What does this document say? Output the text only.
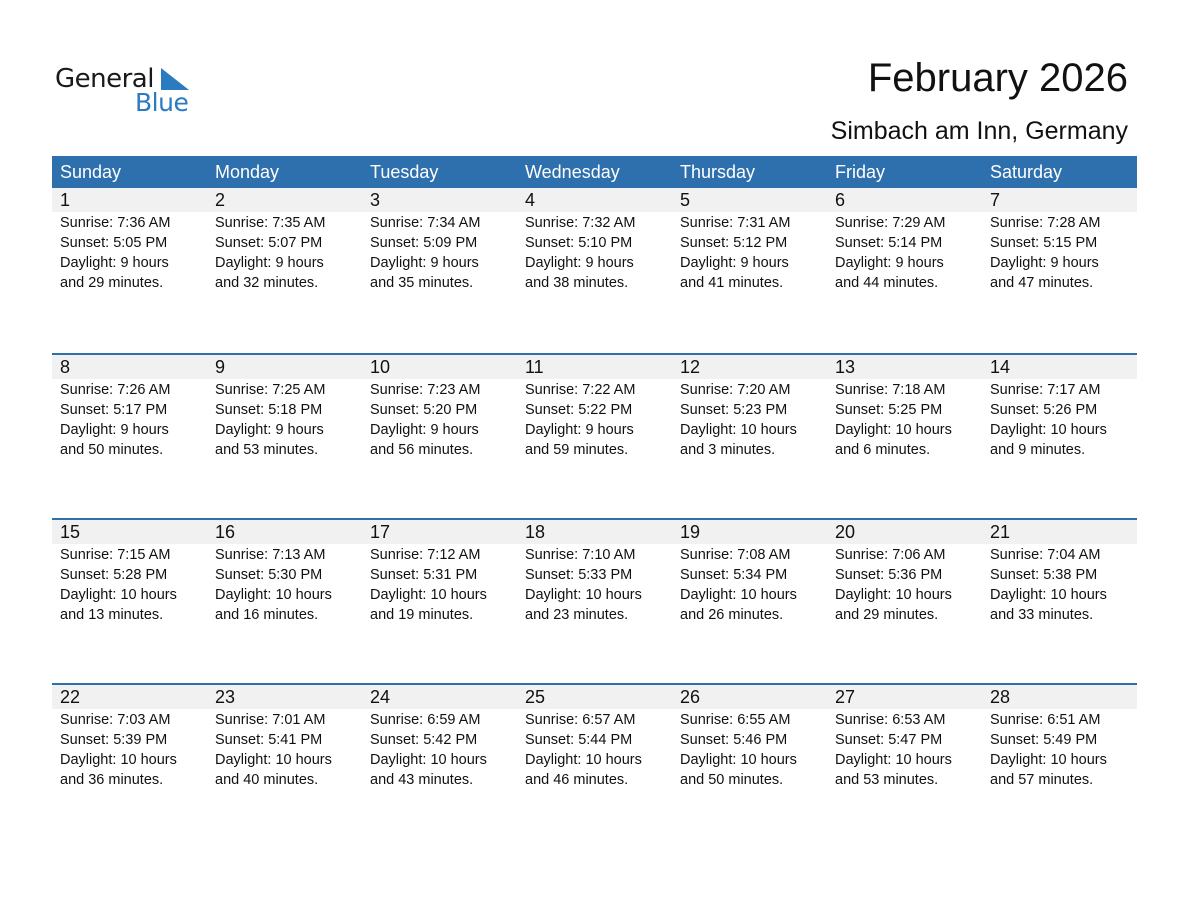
General
Blue
February 2026
Simbach am Inn, Germany
Sunday	Monday	Tuesday	Wednesday	Thursday	Friday	Saturday
1	2	3	4	5	6	7
Sunrise: 7:36 AM
Sunset: 5:05 PM
Daylight: 9 hours
and 29 minutes.
Sunrise: 7:35 AM
Sunset: 5:07 PM
Daylight: 9 hours
and 32 minutes.
Sunrise: 7:34 AM
Sunset: 5:09 PM
Daylight: 9 hours
and 35 minutes.
Sunrise: 7:32 AM
Sunset: 5:10 PM
Daylight: 9 hours
and 38 minutes.
Sunrise: 7:31 AM
Sunset: 5:12 PM
Daylight: 9 hours
and 41 minutes.
Sunrise: 7:29 AM
Sunset: 5:14 PM
Daylight: 9 hours
and 44 minutes.
Sunrise: 7:28 AM
Sunset: 5:15 PM
Daylight: 9 hours
and 47 minutes.
8	9	10	11	12	13	14
Sunrise: 7:26 AM
Sunset: 5:17 PM
Daylight: 9 hours
and 50 minutes.
Sunrise: 7:25 AM
Sunset: 5:18 PM
Daylight: 9 hours
and 53 minutes.
Sunrise: 7:23 AM
Sunset: 5:20 PM
Daylight: 9 hours
and 56 minutes.
Sunrise: 7:22 AM
Sunset: 5:22 PM
Daylight: 9 hours
and 59 minutes.
Sunrise: 7:20 AM
Sunset: 5:23 PM
Daylight: 10 hours
and 3 minutes.
Sunrise: 7:18 AM
Sunset: 5:25 PM
Daylight: 10 hours
and 6 minutes.
Sunrise: 7:17 AM
Sunset: 5:26 PM
Daylight: 10 hours
and 9 minutes.
15	16	17	18	19	20	21
Sunrise: 7:15 AM
Sunset: 5:28 PM
Daylight: 10 hours
and 13 minutes.
Sunrise: 7:13 AM
Sunset: 5:30 PM
Daylight: 10 hours
and 16 minutes.
Sunrise: 7:12 AM
Sunset: 5:31 PM
Daylight: 10 hours
and 19 minutes.
Sunrise: 7:10 AM
Sunset: 5:33 PM
Daylight: 10 hours
and 23 minutes.
Sunrise: 7:08 AM
Sunset: 5:34 PM
Daylight: 10 hours
and 26 minutes.
Sunrise: 7:06 AM
Sunset: 5:36 PM
Daylight: 10 hours
and 29 minutes.
Sunrise: 7:04 AM
Sunset: 5:38 PM
Daylight: 10 hours
and 33 minutes.
22	23	24	25	26	27	28
Sunrise: 7:03 AM
Sunset: 5:39 PM
Daylight: 10 hours
and 36 minutes.
Sunrise: 7:01 AM
Sunset: 5:41 PM
Daylight: 10 hours
and 40 minutes.
Sunrise: 6:59 AM
Sunset: 5:42 PM
Daylight: 10 hours
and 43 minutes.
Sunrise: 6:57 AM
Sunset: 5:44 PM
Daylight: 10 hours
and 46 minutes.
Sunrise: 6:55 AM
Sunset: 5:46 PM
Daylight: 10 hours
and 50 minutes.
Sunrise: 6:53 AM
Sunset: 5:47 PM
Daylight: 10 hours
and 53 minutes.
Sunrise: 6:51 AM
Sunset: 5:49 PM
Daylight: 10 hours
and 57 minutes.
